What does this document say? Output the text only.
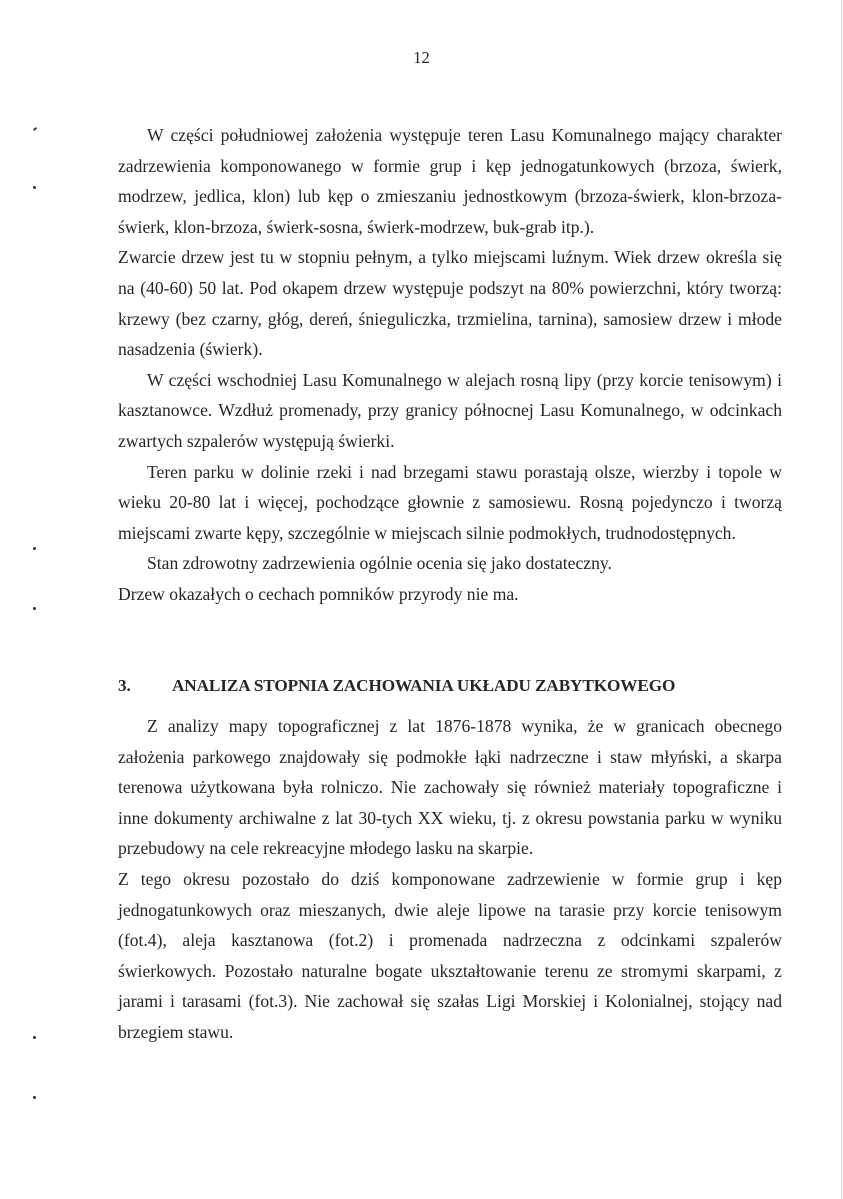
12

W części południowej założenia występuje teren Lasu Komunalnego mający charakter zadrzewienia komponowanego w formie grup i kęp jednogatunkowych (brzoza, świerk, modrzew, jedlica, klon) lub kęp o zmieszaniu jednostkowym (brzoza-świerk, klon-brzoza-świerk, klon-brzoza, świerk-sosna, świerk-modrzew, buk-grab itp.).

Zwarcie drzew jest tu w stopniu pełnym, a tylko miejscami luźnym. Wiek drzew określa się na (40-60) 50 lat. Pod okapem drzew występuje podszyt na 80% powierzchni, który tworzą: krzewy (bez czarny, głóg, dereń, śnieguliczka, trzmielina, tarnina), samosiew drzew i młode nasadzenia (świerk).

W części wschodniej Lasu Komunalnego w alejach rosną lipy (przy korcie tenisowym) i kasztanowce. Wzdłuż promenady, przy granicy północnej Lasu Komunalnego, w odcinkach zwartych szpalerów występują świerki.

Teren parku w dolinie rzeki i nad brzegami stawu porastają olsze, wierzby i topole w wieku 20-80 lat i więcej, pochodzące głownie z samosiewu. Rosną pojedynczo i tworzą miejscami zwarte kępy, szczególnie w miejscach silnie podmokłych, trudnodostępnych.

Stan zdrowotny zadrzewienia ogólnie ocenia się jako dostateczny.

Drzew okazałych o cechach pomników przyrody nie ma.

3.	ANALIZA STOPNIA ZACHOWANIA UKŁADU ZABYTKOWEGO

Z analizy mapy topograficznej z lat 1876-1878 wynika, że w granicach obecnego założenia parkowego znajdowały się podmokłe łąki nadrzeczne i staw młyński, a skarpa terenowa użytkowana była rolniczo. Nie zachowały się również materiały topograficzne i inne dokumenty archiwalne z lat 30-tych XX wieku, tj. z okresu powstania parku w wyniku przebudowy na cele rekreacyjne młodego lasku na skarpie.

Z tego okresu pozostało do dziś komponowane zadrzewienie w formie grup i kęp jednogatunkowych oraz mieszanych, dwie aleje lipowe na tarasie przy korcie tenisowym (fot.4), aleja kasztanowa (fot.2) i promenada nadrzeczna z odcinkami szpalerów świerkowych. Pozostało naturalne bogate ukształtowanie terenu ze stromymi skarpami, z jarami i tarasami (fot.3). Nie zachował się szałas Ligi Morskiej i Kolonialnej, stojący nad brzegiem stawu.
